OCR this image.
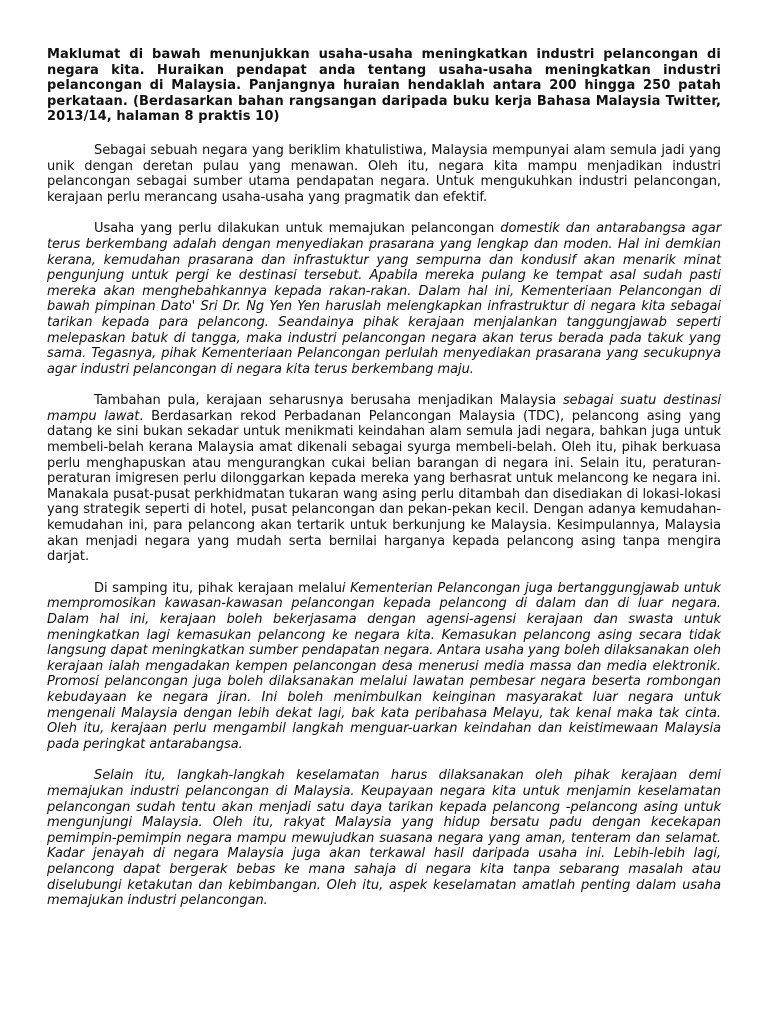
Maklumat di bawah menunjukkan usaha-usaha meningkatkan industri pelancongan di negara kita. Huraikan pendapat anda tentang usaha-usaha meningkatkan industri pelancongan di Malaysia. Panjangnya huraian hendaklah antara 200 hingga 250 patah perkataan. (Berdasarkan bahan rangsangan daripada buku kerja Bahasa Malaysia Twitter, 2013/14, halaman 8 praktis 10)

Sebagai sebuah negara yang beriklim khatulistiwa, Malaysia mempunyai alam semula jadi yang unik dengan deretan pulau yang menawan. Oleh itu, negara kita mampu menjadikan industri pelancongan sebagai sumber utama pendapatan negara. Untuk mengukuhkan industri pelancongan, kerajaan perlu merancang usaha-usaha yang pragmatik dan efektif.

Usaha yang perlu dilakukan untuk memajukan pelancongan domestik dan antarabangsa agar terus berkembang adalah dengan menyediakan prasarana yang lengkap dan moden. Hal ini demkian kerana, kemudahan prasarana dan infrastuktur yang sempurna dan kondusif akan menarik minat pengunjung untuk pergi ke destinasi tersebut. Apabila mereka pulang ke tempat asal sudah pasti mereka akan menghebahkannya kepada rakan-rakan. Dalam hal ini, Kementeriaan Pelancongan di bawah pimpinan Dato' Sri Dr. Ng Yen Yen haruslah melengkapkan infrastruktur di negara kita sebagai tarikan kepada para pelancong. Seandainya pihak kerajaan menjalankan tanggungjawab seperti melepaskan batuk di tangga, maka industri pelancongan negara akan terus berada pada takuk yang sama. Tegasnya, pihak Kementeriaan Pelancongan perlulah menyediakan prasarana yang secukupnya agar industri pelancongan di negara kita terus berkembang maju.

Tambahan pula, kerajaan seharusnya berusaha menjadikan Malaysia sebagai suatu destinasi mampu lawat. Berdasarkan rekod Perbadanan Pelancongan Malaysia (TDC), pelancong asing yang datang ke sini bukan sekadar untuk menikmati keindahan alam semula jadi negara, bahkan juga untuk membeli-belah kerana Malaysia amat dikenali sebagai syurga membeli-belah. Oleh itu, pihak berkuasa perlu menghapuskan atau mengurangkan cukai belian barangan di negara ini. Selain itu, peraturan-peraturan imigresen perlu dilonggarkan kepada mereka yang berhasrat untuk melancong ke negara ini. Manakala pusat-pusat perkhidmatan tukaran wang asing perlu ditambah dan disediakan di lokasi-lokasi yang strategik seperti di hotel, pusat pelancongan dan pekan-pekan kecil. Dengan adanya kemudahan-kemudahan ini, para pelancong akan tertarik untuk berkunjung ke Malaysia. Kesimpulannya, Malaysia akan menjadi negara yang mudah serta bernilai harganya kepada pelancong asing tanpa mengira darjat.

Di samping itu, pihak kerajaan melalui Kementerian Pelancongan juga bertanggungjawab untuk mempromosikan kawasan-kawasan pelancongan kepada pelancong di dalam dan di luar negara. Dalam hal ini, kerajaan boleh bekerjasama dengan agensi-agensi kerajaan dan swasta untuk meningkatkan lagi kemasukan pelancong ke negara kita. Kemasukan pelancong asing secara tidak langsung dapat meningkatkan sumber pendapatan negara. Antara usaha yang boleh dilaksanakan oleh kerajaan ialah mengadakan kempen pelancongan desa menerusi media massa dan media elektronik. Promosi pelancongan juga boleh dilaksanakan melalui lawatan pembesar negara beserta rombongan kebudayaan ke negara jiran. Ini boleh menimbulkan keinginan masyarakat luar negara untuk mengenali Malaysia dengan lebih dekat lagi, bak kata peribahasa Melayu, tak kenal maka tak cinta. Oleh itu, kerajaan perlu mengambil langkah menguar-uarkan keindahan dan keistimewaan Malaysia pada peringkat antarabangsa.

Selain itu, langkah-langkah keselamatan harus dilaksanakan oleh pihak kerajaan demi memajukan industri pelancongan di Malaysia. Keupayaan negara kita untuk menjamin keselamatan pelancongan sudah tentu akan menjadi satu daya tarikan kepada pelancong -pelancong asing untuk mengunjungi Malaysia. Oleh itu, rakyat Malaysia yang hidup bersatu padu dengan kecekapan pemimpin-pemimpin negara mampu mewujudkan suasana negara yang aman, tenteram dan selamat. Kadar jenayah di negara Malaysia juga akan terkawal hasil daripada usaha ini. Lebih-lebih lagi, pelancong dapat bergerak bebas ke mana sahaja di negara kita tanpa sebarang masalah atau diselubungi ketakutan dan kebimbangan. Oleh itu, aspek keselamatan amatlah penting dalam usaha memajukan industri pelancongan.
